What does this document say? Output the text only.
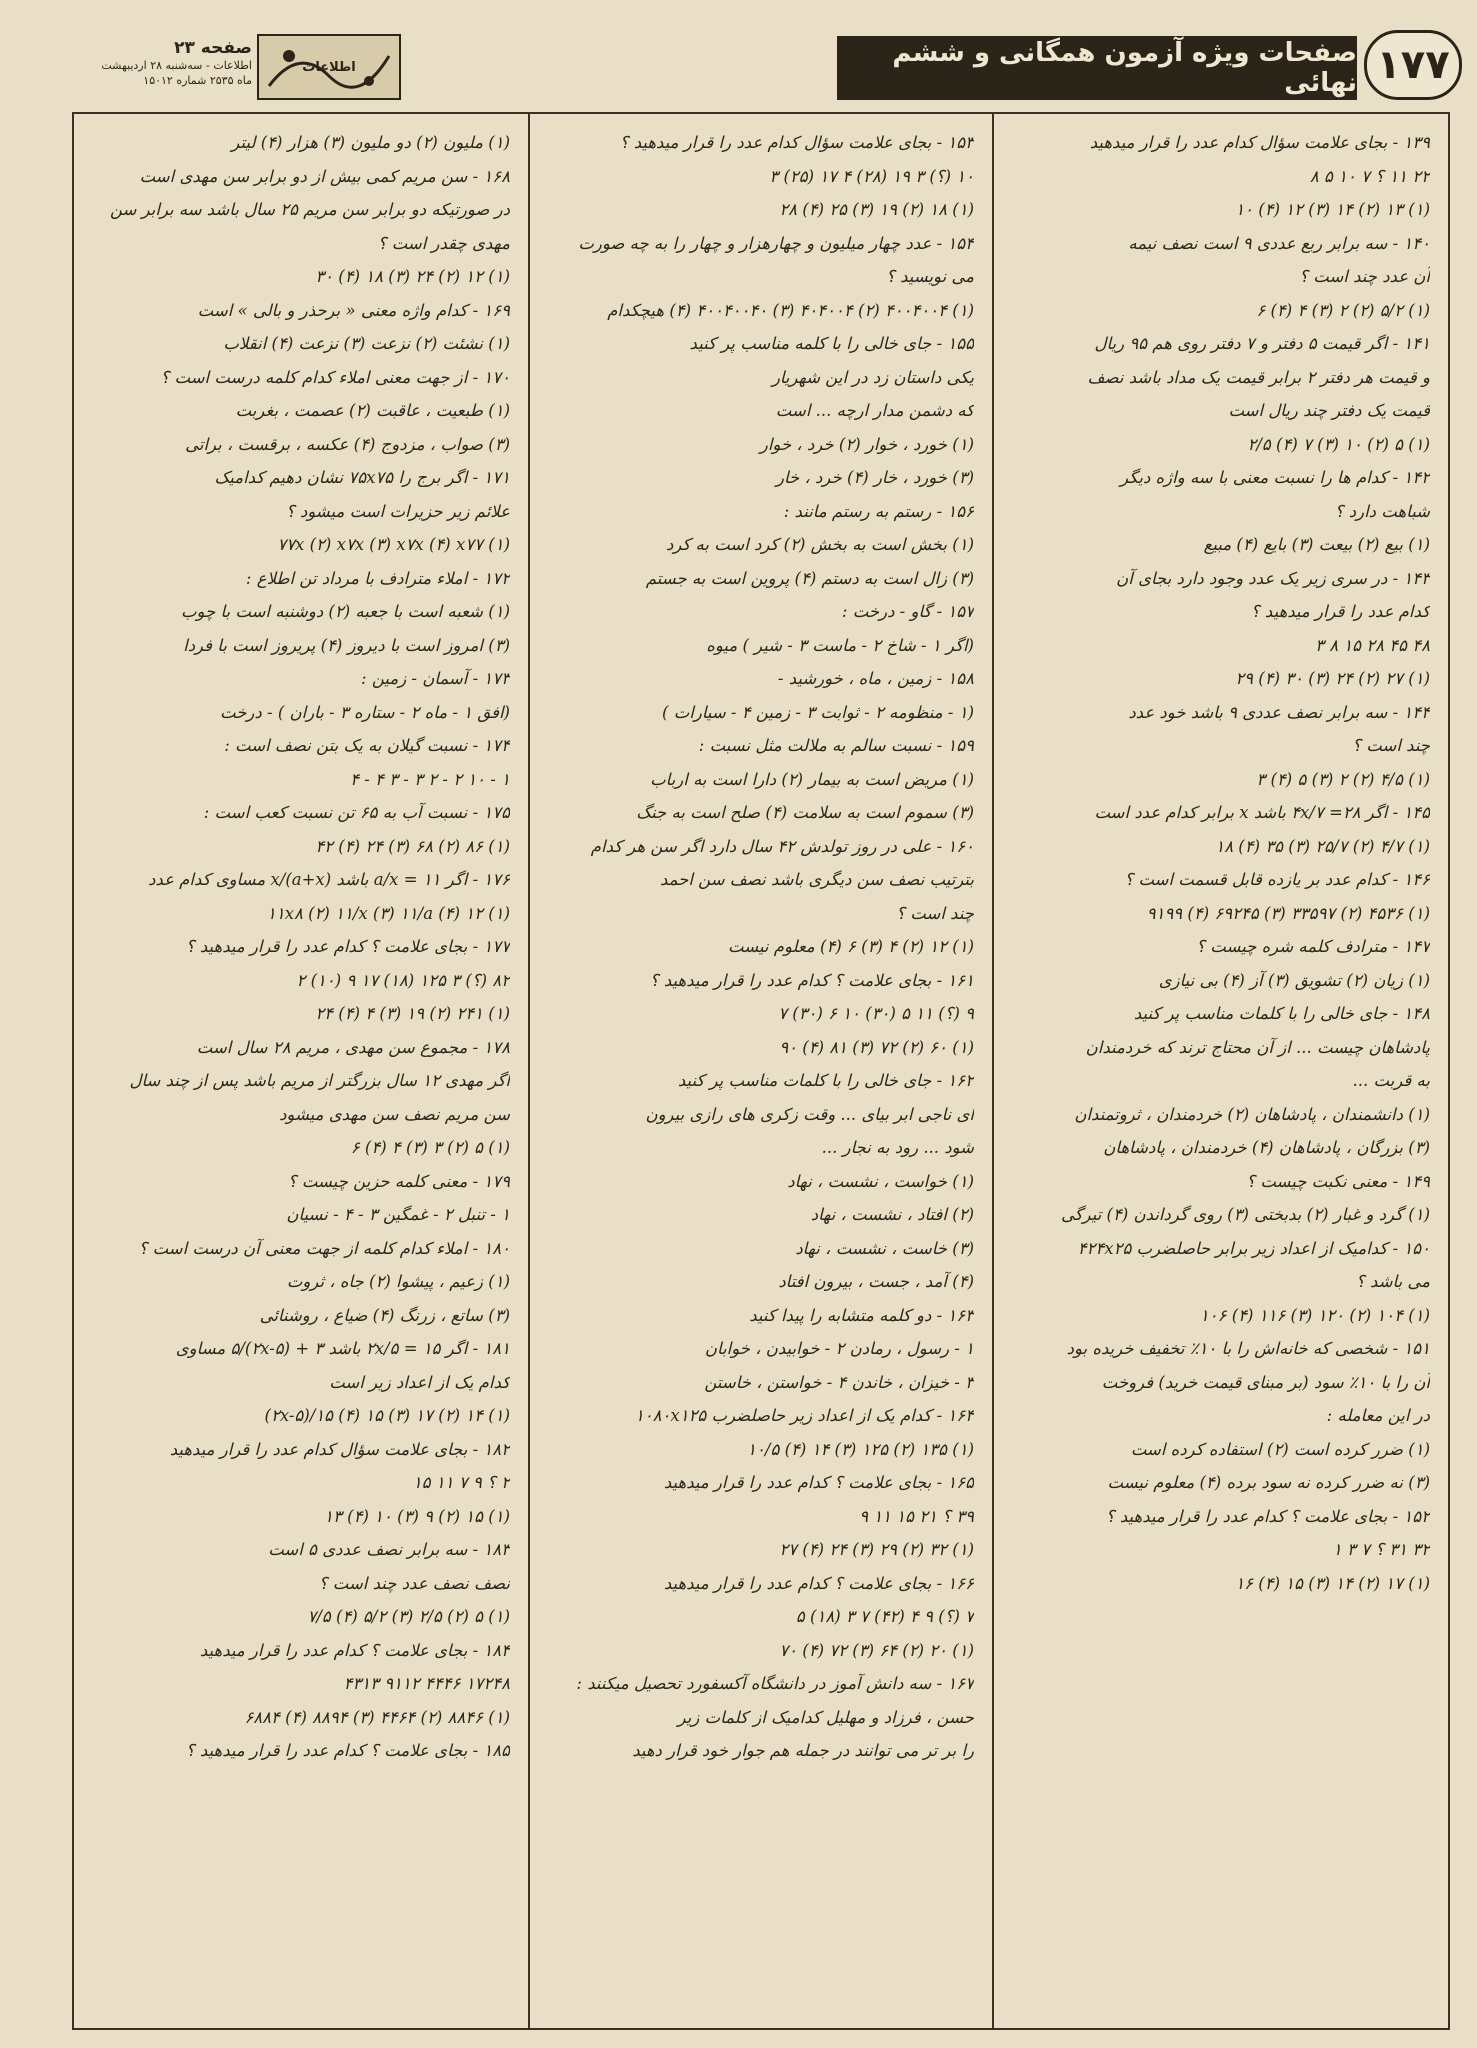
۱۷۷
صفحات ویژه آزمون همگانی و ششم نهائی
اطلاعات
صفحه ۲۳
اطلاعات - سه‌شنبه ۲۸ اردیبهشت
ماه ۲۵۳۵ شماره ۱۵۰۱۲

۱۳۹ - بجای علامت سؤال کدام عدد را قرار میدهید

۲۲ ۱۱ ؟ ۷ ۱۰ ۵ ۸

(۱) ۱۳ (۲) ۱۴ (۳) ۱۲ (۴) ۱۰

۱۴۰ - سه برابر ربع عددی ۹ است نصف نیمه

آن عدد چند است ؟

(۱) ۵/۲ (۲) ۲ (۳) ۴ (۴) ۶

۱۴۱ - اگر قیمت ۵ دفتر و ۷ دفتر روی هم ۹۵ ریال

و قیمت هر دفتر ۲ برابر قیمت یک مداد باشد نصف

قیمت یک دفتر چند ریال است

(۱) ۵ (۲) ۱۰ (۳) ۷ (۴) ۲/۵

۱۴۲ - کدام ها را نسبت معنی با سه واژه دیگر

شباهت دارد ؟

(۱) بیع (۲) بیعت (۳) بایع (۴) مبیع

۱۴۳ - در سری زیر یک عدد وجود دارد بجای آن

کدام عدد را قرار میدهید ؟

۴۸ ۴۵ ۲۸ ۱۵ ۸ ۳

(۱) ۲۷ (۲) ۲۴ (۳) ۳۰ (۴) ۲۹

۱۴۴ - سه برابر نصف عددی ۹ باشد خود عدد

چند است ؟

(۱) ۴/۵ (۲) ۲ (۳) ۵ (۴) ۳

۱۴۵ - اگر ۲۸= ۴x/۷ باشد x برابر کدام عدد است

(۱) ۴/۷ (۲) ۲۵/۷ (۳) ۳۵ (۴) ۱۸

۱۴۶ - کدام عدد بر یازده قابل قسمت است ؟

(۱) ۴۵۳۶ (۲) ۳۳۵۹۷ (۳) ۶۹۲۴۵ (۴) ۹۱۹۹

۱۴۷ - مترادف کلمه شره چیست ؟

(۱) زیان (۲) تشویق (۳) آز (۴) بی نیازی

۱۴۸ - جای خالی را با کلمات مناسب پر کنید

پادشاهان چیست ... از آن محتاج ترند که خردمندان

به قربت ...

(۱) دانشمندان ، پادشاهان (۲) خردمندان ، ثروتمندان

(۳) بزرگان ، پادشاهان (۴) خردمندان ، پادشاهان

۱۴۹ - معنی نکبت چیست ؟

(۱) گرد و غبار (۲) بدبختی (۳) روی گرداندن (۴) تیرگی

۱۵۰ - کدامیک از اعداد زیر برابر حاصلضرب ۴۲۴x۲۵

می باشد ؟

(۱) ۱۰۴ (۲) ۱۲۰ (۳) ۱۱۶ (۴) ۱۰۶

۱۵۱ - شخصی که خانه‌اش را با ۱۰٪ تخفیف خریده بود

آن را با ۱۰٪ سود (بر مبنای قیمت خرید) فروخت

در این معامله :

(۱) ضرر کرده است (۲) استفاده کرده است

(۳) نه ضرر کرده نه سود برده (۴) معلوم نیست

۱۵۲ - بجای علامت ؟ کدام عدد را قرار میدهید ؟

۳۲ ۳۱ ؟ ۷ ۳ ۱

(۱) ۱۷ (۲) ۱۴ (۳) ۱۵ (۴) ۱۶

۱۵۳ - بجای علامت سؤال کدام عدد را قرار میدهید ؟

۱۰ (؟) ۳ ۱۹ (۲۸) ۴ ۱۷ (۲۵) ۳

(۱) ۱۸ (۲) ۱۹ (۳) ۲۵ (۴) ۲۸

۱۵۴ - عدد چهار میلیون و چهارهزار و چهار را به چه صورت

می نویسید ؟

(۱) ۴۰۰۴۰۰۴ (۲) ۴۰۴۰۰۴ (۳) ۴۰۰۴۰۰۴۰ (۴) هیچکدام

۱۵۵ - جای خالی را با کلمه مناسب پر کنید

یکی داستان زد در این شهریار

که دشمن مدار ارچه ... است

(۱) خورد ، خوار (۲) خرد ، خوار

(۳) خورد ، خار (۴) خرد ، خار

۱۵۶ - رستم به رستم مانند :

(۱) بخش است به بخش (۲) کرد است به کرد

(۳) زال است به دستم (۴) پروین است به جستم

۱۵۷ - گاو - درخت :

(اگر ۱ - شاخ ۲ - ماست ۳ - شیر ) میوه

۱۵۸ - زمین ، ماه ، خورشید -

(۱ - منظومه ۲ - ثوابت ۳ - زمین ۴ - سیارات )

۱۵۹ - نسبت سالم به ملالت مثل نسبت :

(۱) مریض است به بیمار (۲) دارا است به ارباب

(۳) سموم است به سلامت (۴) صلح است به جنگ

۱۶۰ - علی در روز تولدش ۴۲ سال دارد اگر سن هر کدام

بترتیب نصف سن دیگری باشد نصف سن احمد

چند است ؟

(۱) ۱۲ (۲) ۴ (۳) ۶ (۴) معلوم نیست

۱۶۱ - بجای علامت ؟ کدام عدد را قرار میدهید ؟

۹ (؟) ۱۱ ۵ (۳۰) ۱۰ ۶ (۳۰) ۷

(۱) ۶۰ (۲) ۷۲ (۳) ۸۱ (۴) ۹۰

۱۶۲ - جای خالی را با کلمات مناسب پر کنید

ای ناجی ابر بیای ... وقت زکری های رازی بیرون

شود ... رود به نجار ...

(۱) خواست ، نشست ، نهاد

(۲) افتاد ، نشست ، نهاد

(۳) خاست ، نشست ، نهاد

(۴) آمد ، جست ، بیرون افتاد

۱۶۳ - دو کلمه متشابه را پیدا کنید

۱ - رسول ، رمادن ۲ - خوابیدن ، خوابان

۳ - خیزان ، خاندن ۴ - خواستن ، خاستن

۱۶۴ - کدام یک از اعداد زیر حاصلضرب ۱۰۸۰x۱۲۵

(۱) ۱۳۵ (۲) ۱۲۵ (۳) ۱۴ (۴) ۱۰/۵

۱۶۵ - بجای علامت ؟ کدام عدد را قرار میدهید

۳۹ ؟ ۲۱ ۱۵ ۱۱ ۹

(۱) ۳۲ (۲) ۲۹ (۳) ۲۴ (۴) ۲۷

۱۶۶ - بجای علامت ؟ کدام عدد را قرار میدهید

۷ (؟) ۹ ۴ (۴۲) ۷ ۳ (۱۸) ۵

(۱) ۲۰ (۲) ۶۴ (۳) ۷۲ (۴) ۷۰

۱۶۷ - سه دانش آموز در دانشگاه آکسفورد تحصیل میکنند :

حسن ، فرزاد و مهلیل کدامیک از کلمات زیر

را بر تر می توانند در جمله هم جوار خود قرار دهید

(۱) ملیون (۲) دو ملیون (۳) هزار (۴) لیتر

۱۶۸ - سن مریم کمی بیش از دو برابر سن مهدی است

در صورتیکه دو برابر سن مریم ۲۵ سال باشد سه برابر سن

مهدی چقدر است ؟

(۱) ۱۲ (۲) ۲۴ (۳) ۱۸ (۴) ۳۰

۱۶۹ - کدام واژه معنی « برحذر و بالی » است

(۱) نشئت (۲) نزعت (۳) نزعت (۴) انقلاب

۱۷۰ - از جهت معنی املاء کدام کلمه درست است ؟

(۱) طبعیت ، عاقبت (۲) عصمت ، بغربت

(۳) صواب ، مزدوج (۴) عکسه ، برقست ، براتی

۱۷۱ - اگر برج را ۷۵x۷۵ نشان دهیم کدامیک

علائم زیر حزیرات است میشود ؟

(۱) ۷۷x (۲) x۷x (۳) x۷x (۴) x۷۷

۱۷۲ - املاء مترادف با مرداد تن اطلاع :

(۱) شعبه است با جعبه (۲) دوشنبه است با چوب

(۳) امروز است با دیروز (۴) پریروز است با فردا

۱۷۳ - آسمان - زمین :

(افق ۱ - ماه ۲ - ستاره ۳ - باران ) - درخت

۱۷۴ - نسبت گیلان به یک بتن نصف است :

۱ - ۱۰ ۲ - ۲ ۳ - ۳ ۴ - ۴

۱۷۵ - نسبت آب به ۶۵ تن نسبت کعب است :

(۱) ۸۶ (۲) ۶۸ (۳) ۲۴ (۴) ۴۲

۱۷۶ - اگر ۱۱ = a/x باشد (a+x)/x مساوی کدام عدد

(۱) ۱۱x۸ (۲) ۱۱/x (۳) ۱۱/a (۴) ۱۲

۱۷۷ - بجای علامت ؟ کدام عدد را قرار میدهید ؟

۸۲ (؟) ۳ ۱۲۵ (۱۸) ۱۷ ۹ (۱۰) ۲

(۱) ۲۴۱ (۲) ۱۹ (۳) ۴ (۴) ۲۴

۱۷۸ - مجموع سن مهدی ، مریم ۲۸ سال است

اگر مهدی ۱۲ سال بزرگتر از مریم باشد پس از چند سال

سن مریم نصف سن مهدی میشود

(۱) ۵ (۲) ۳ (۳) ۴ (۴) ۶

۱۷۹ - معنی کلمه حزین چیست ؟

۱ - تنبل ۲ - غمگین ۳ - ۴ - نسیان

۱۸۰ - املاء کدام کلمه از جهت معنی آن درست است ؟

(۱) زعیم ، پیشوا (۲) جاه ، ثروت

(۳) ساتع ، زرنگ (۴) ضیاع ، روشنائی

۱۸۱ - اگر ۱۵ = ۲x/۵ باشد ۳ + (۲x-۵)/۵ مساوی

کدام یک از اعداد زیر است

(۱) ۱۴ (۲) ۱۷ (۳) ۱۵ (۴) ۱۵/(۲x-۵)

۱۸۲ - بجای علامت سؤال کدام عدد را قرار میدهید

۲ ؟ ۹ ۷ ۱۱ ۱۵

(۱) ۱۵ (۲) ۹ (۳) ۱۰ (۴) ۱۳

۱۸۳ - سه برابر نصف عددی ۵ است

نصف نصف عدد چند است ؟

(۱) ۵ (۲) ۲/۵ (۳) ۵/۲ (۴) ۷/۵

۱۸۴ - بجای علامت ؟ کدام عدد را قرار میدهید

۱۷۲۴۸ ۴۴۴۶ ۹۱۱۲ ۴۳۱۳

(۱) ۸۸۴۶ (۲) ۴۴۶۴ (۳) ۸۸۹۴ (۴) ۶۸۸۴

۱۸۵ - بجای علامت ؟ کدام عدد را قرار میدهید ؟
